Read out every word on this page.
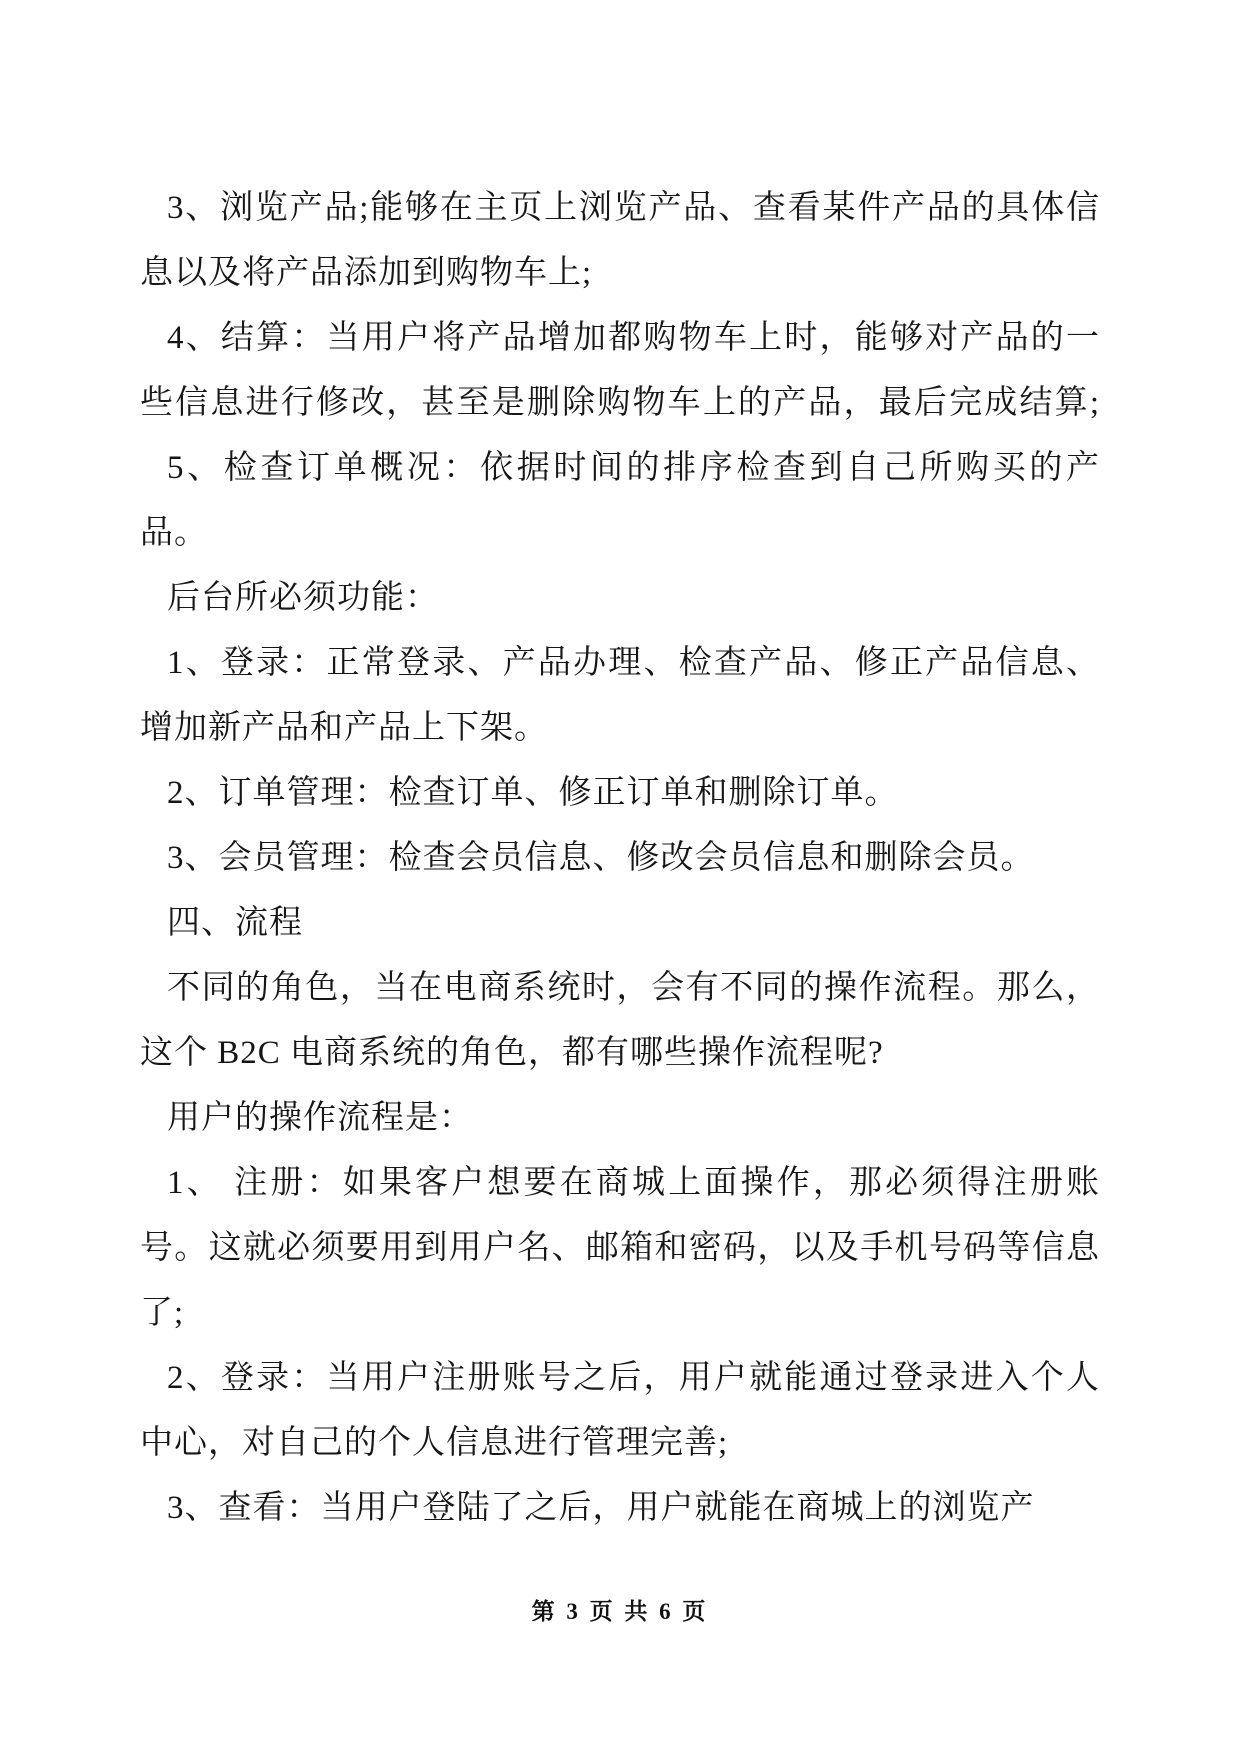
3、浏览产品;能够在主页上浏览产品、查看某件产品的具体信
息以及将产品添加到购物车上;
4、结算：当用户将产品增加都购物车上时，能够对产品的一
些信息进行修改，甚至是删除购物车上的产品，最后完成结算;
5、检查订单概况：依据时间的排序检查到自己所购买的产
品。
后台所必须功能：
1、登录：正常登录、产品办理、检查产品、修正产品信息、
增加新产品和产品上下架。
2、订单管理：检查订单、修正订单和删除订单。
3、会员管理：检查会员信息、修改会员信息和删除会员。
四、流程
不同的角色，当在电商系统时，会有不同的操作流程。那么，
这个 B2C 电商系统的角色，都有哪些操作流程呢?
用户的操作流程是：
1、 注册：如果客户想要在商城上面操作，那必须得注册账
号。这就必须要用到用户名、邮箱和密码，以及手机号码等信息
了;
2、登录：当用户注册账号之后，用户就能通过登录进入个人
中心，对自己的个人信息进行管理完善;
3、查看：当用户登陆了之后，用户就能在商城上的浏览产
第 3 页 共 6 页
